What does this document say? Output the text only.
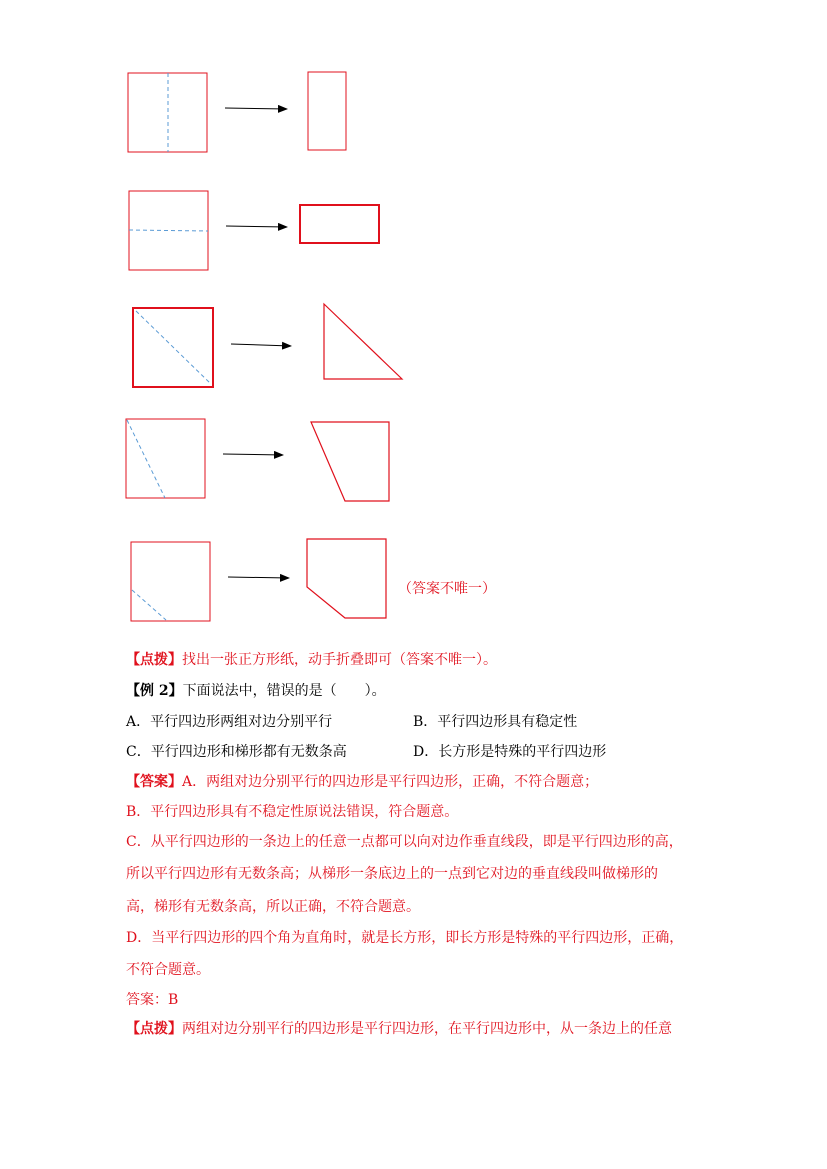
（答案不唯一）
【点拨】找出一张正方形纸，动手折叠即可（答案不唯一）。
【例 2】下面说法中，错误的是（　　）。
A．平行四边形两组对边分别平行	B．平行四边形具有稳定性
C．平行四边形和梯形都有无数条高	D．长方形是特殊的平行四边形
【答案】A．两组对边分别平行的四边形是平行四边形，正确，不符合题意；
B．平行四边形具有不稳定性原说法错误，符合题意。
C．从平行四边形的一条边上的任意一点都可以向对边作垂直线段，即是平行四边形的高，
所以平行四边形有无数条高；从梯形一条底边上的一点到它对边的垂直线段叫做梯形的
高，梯形有无数条高，所以正确，不符合题意。
D．当平行四边形的四个角为直角时，就是长方形，即长方形是特殊的平行四边形，正确，
不符合题意。
答案：B
【点拨】两组对边分别平行的四边形是平行四边形，在平行四边形中，从一条边上的任意
